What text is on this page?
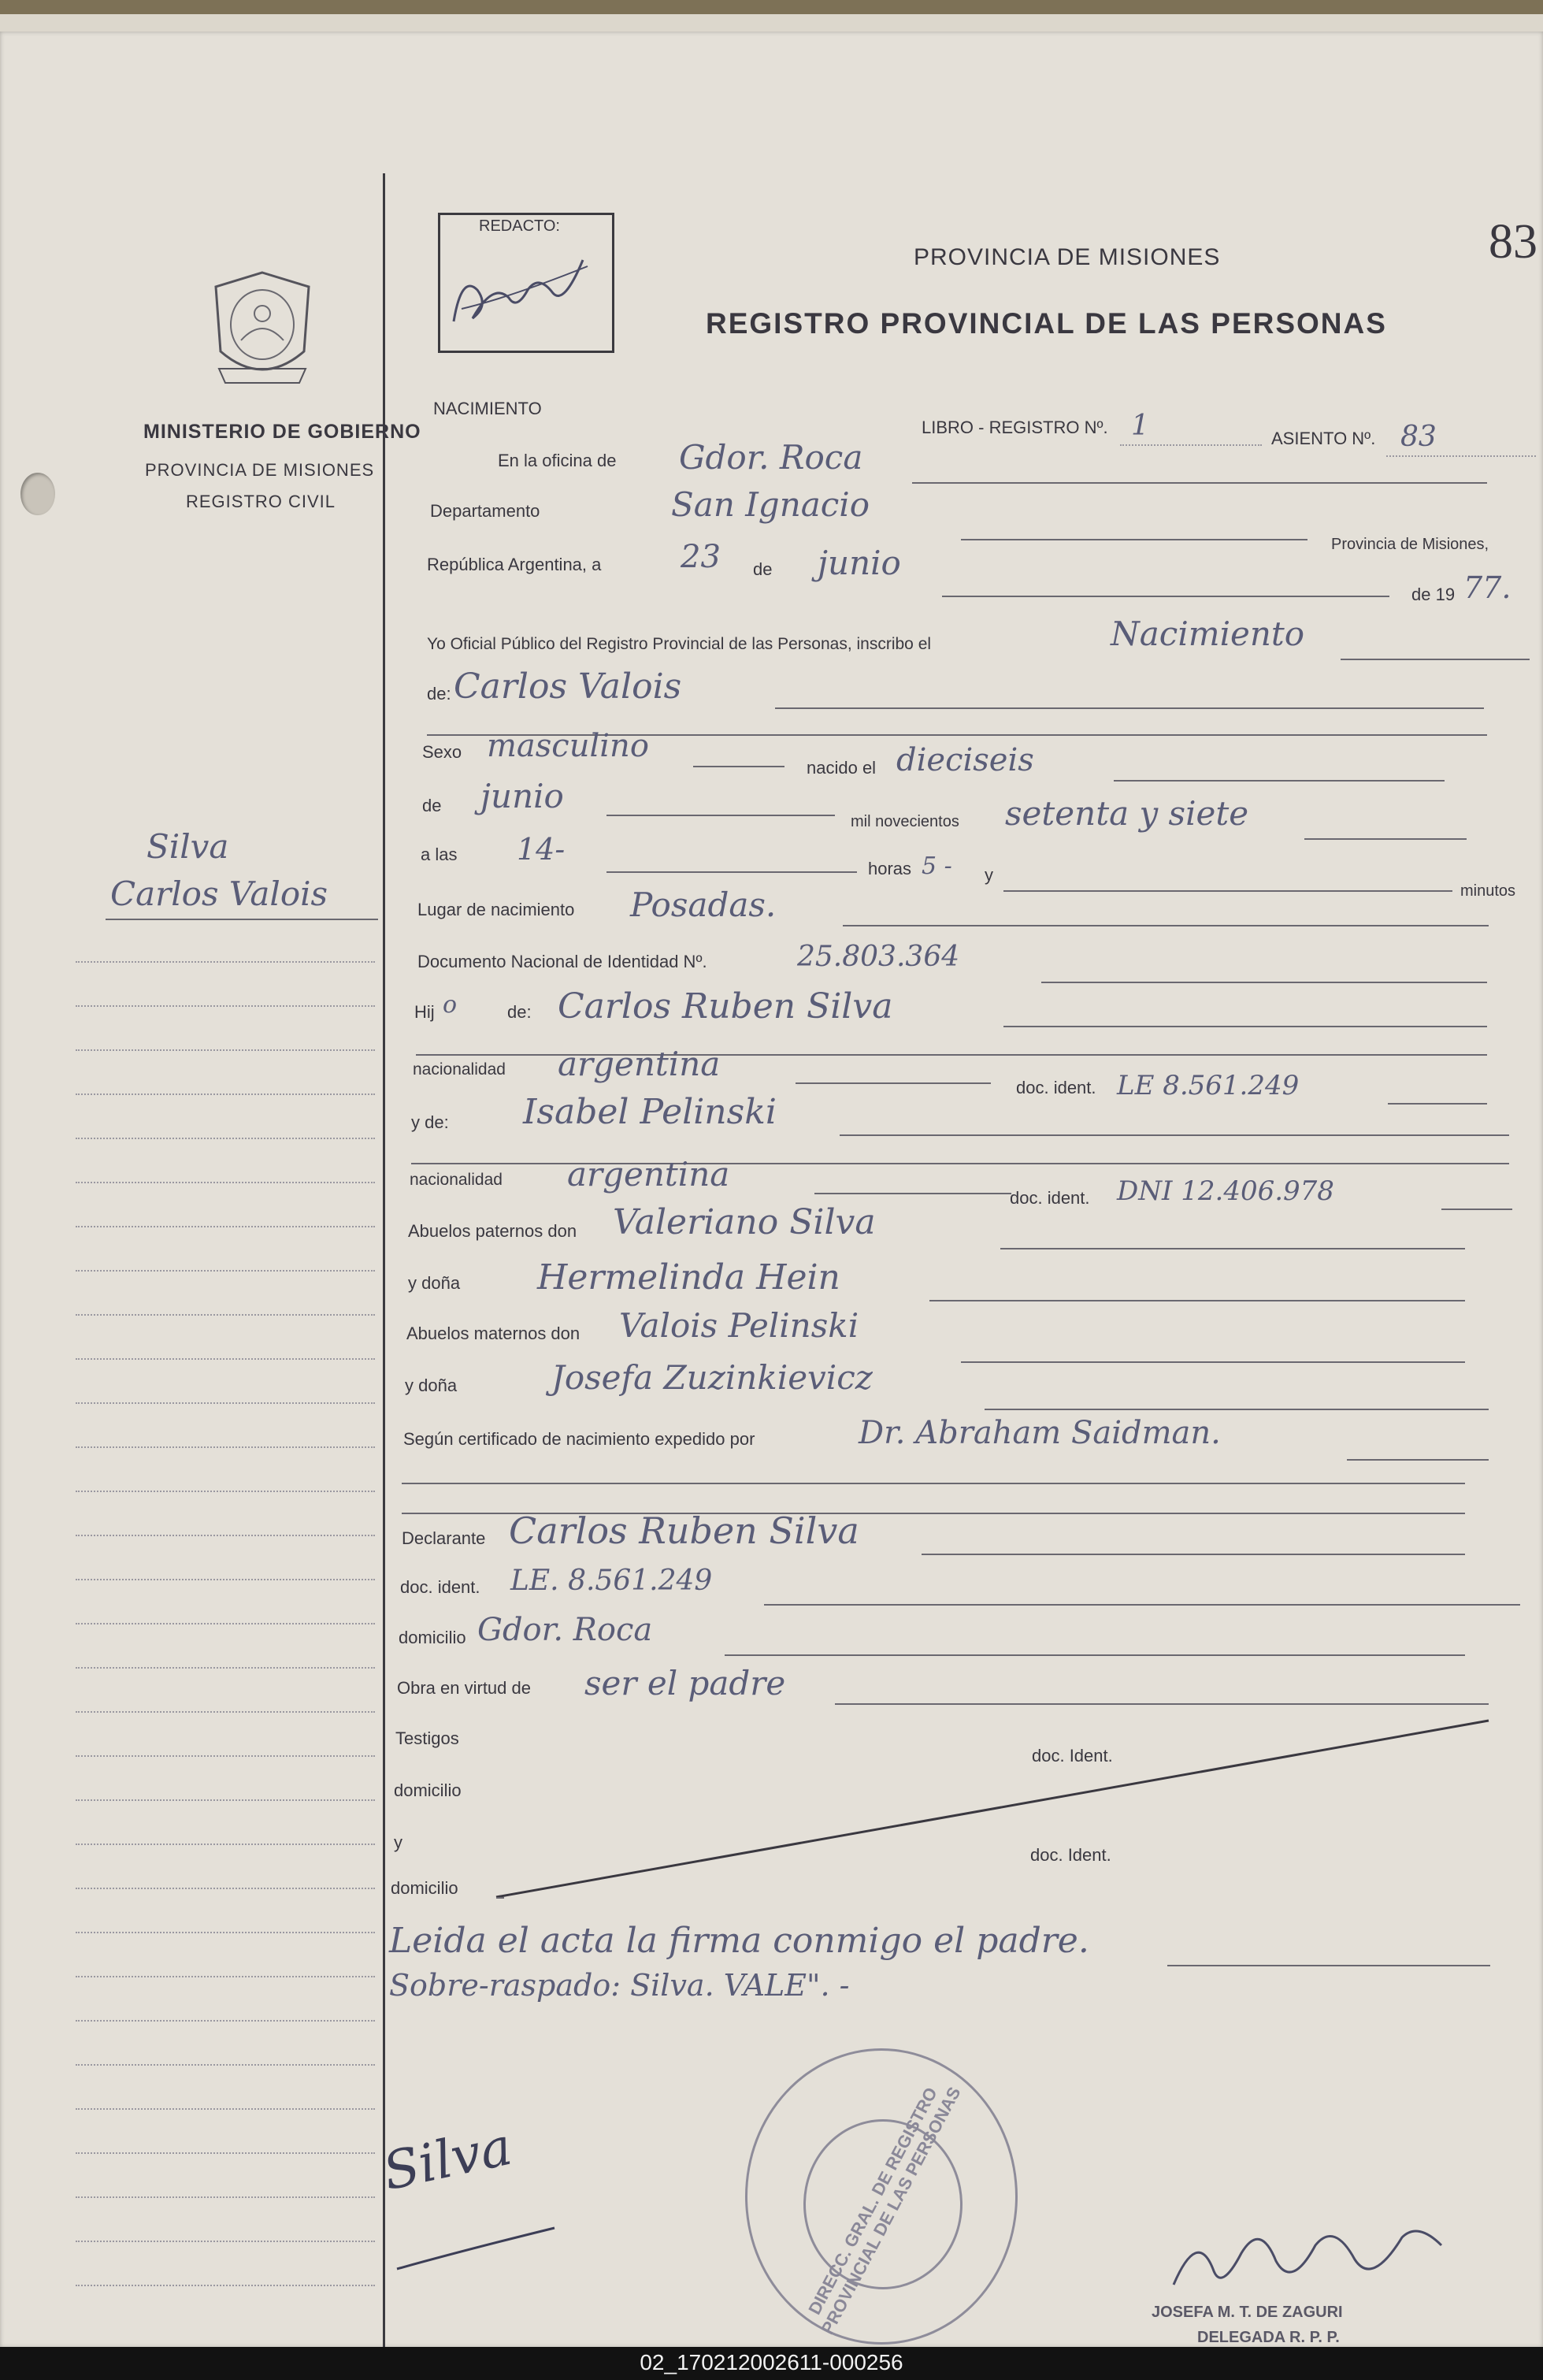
MINISTERIO DE GOBIERNO
PROVINCIA DE MISIONES
REGISTRO CIVIL
Silva
Carlos Valois
REDACTO:
PROVINCIA DE MISIONES
REGISTRO PROVINCIAL DE LAS PERSONAS
83
NACIMIENTO
LIBRO - REGISTRO Nº. 1	ASIENTO Nº. 83
En la oficina de Gdor. Roca
Departamento	San Ignacio
Provincia de Misiones,
República Argentina, a	23 de junio
de 19 77.
Yo Oficial Público del Registro Provincial de las Personas, inscribo el	Nacimiento
de: Carlos Valois
Sexo masculino
nacido el dieciseis
de junio
mil novecientos setenta y siete
a las 14-
horas 5 - y
minutos
Lugar de nacimiento Posadas.
Documento Nacional de Identidad Nº.	25.803.364
Hij o	de: Carlos Ruben Silva
nacionalidad argentina
doc. ident. LE 8.561.249
y de: Isabel Pelinski
nacionalidad argentina
doc. ident. DNI 12.406.978
Abuelos paternos don Valeriano Silva
y doña Hermelinda Hein
Abuelos maternos don Valois Pelinski
y doña	Josefa Zuzinkievicz
Según certificado de nacimiento expedido por	Dr. Abraham Saidman.
Declarante Carlos Ruben Silva
doc. ident. LE. 8.561.249
domicilio Gdor. Roca
Obra en virtud de ser el padre
Testigos
doc. Ident.
domicilio
y
doc. Ident.
domicilio
Leida el acta la firma conmigo el padre.
Sobre-raspado: Silva. VALE". -
Silva	DIRECC. GRAL. DE REGISTRO PROVINCIAL DE LAS PERSONAS	JOSEFA M. T. DE ZAGURI
DELEGADA R. P. P.
02_170212002611-000256
